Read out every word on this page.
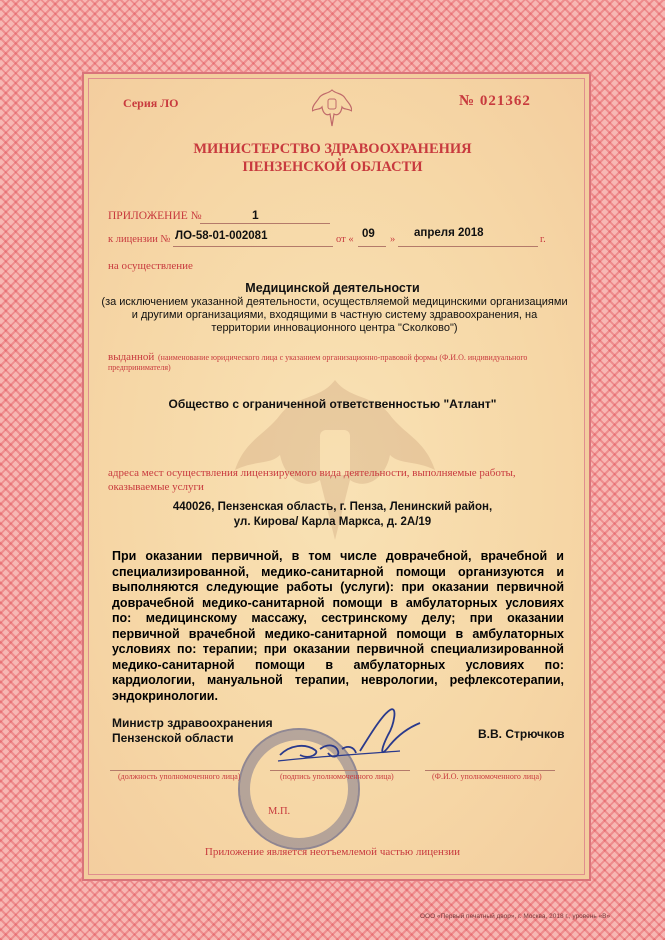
Серия ЛО	№ 021362
МИНИСТЕРСТВО ЗДРАВООХРАНЕНИЯ
ПЕНЗЕНСКОЙ ОБЛАСТИ
ПРИЛОЖЕНИЕ №	1
к лицензии № ЛО-58-01-002081	от « 09 »
апреля 2018
г.
на осуществление
Медицинской деятельности
(за исключением указанной деятельности, осуществляемой медицинскими организациями
и другими организациями, входящими в частную систему здравоохранения, на
территории инновационного центра "Сколково")
выданной (наименование юридического лица с указанием организационно-правовой формы (Ф.И.О. индивидуального
предпринимателя)
Общество с ограниченной ответственностью "Атлант"
адреса мест осуществления лицензируемого вида деятельности, выполняемые работы,
оказываемые услуги
440026, Пензенская область, г. Пенза, Ленинский район,
ул. Кирова/ Карла Маркса, д. 2А/19
При оказании первичной, в том числе доврачебной, врачебной и специализированной, медико-санитарной помощи организуются и выполняются следующие работы (услуги): при оказании первичной доврачебной медико-санитарной помощи в амбулаторных условиях по: медицинскому массажу, сестринскому делу; при оказании первичной врачебной медико-санитарной помощи в амбулаторных условиях по: терапии; при оказании первичной специализированной медико-санитарной помощи в амбулаторных условиях по: кардиологии, мануальной терапии, неврологии, рефлексотерапии, эндокринологии.
Министр здравоохранения
Пензенской области	В.В. Стрючков
(должность уполномоченного лица)	(подпись уполномоченного лица)	(Ф.И.О. уполномоченного лица)
М.П.
Приложение является неотъемлемой частью лицензии
ООО «Первый печатный двор», г. Москва, 2018 г., уровень «В»
